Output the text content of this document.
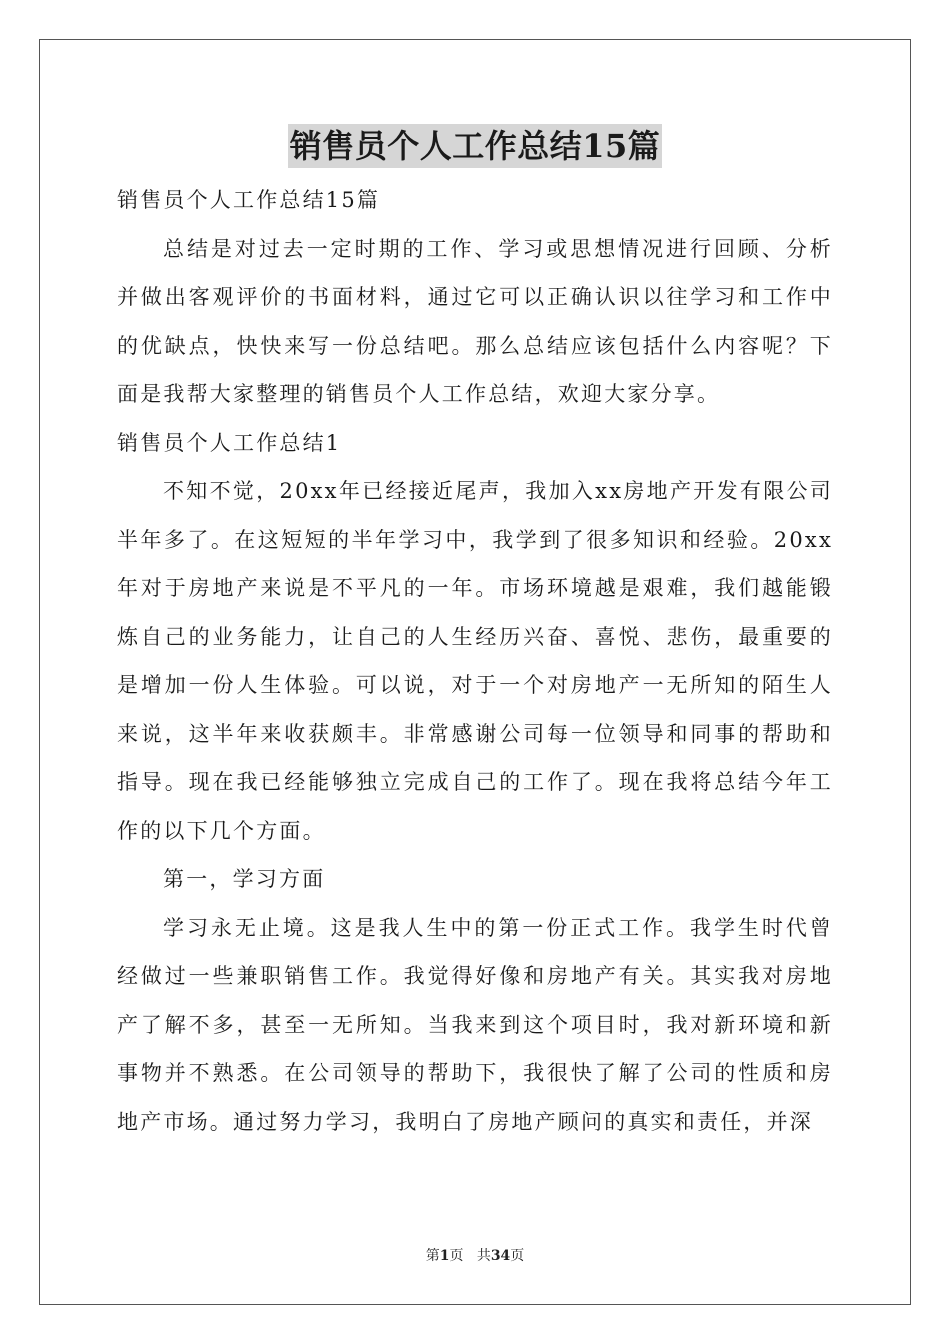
销售员个人工作总结15篇

销售员个人工作总结15篇

总结是对过去一定时期的工作、学习或思想情况进行回顾、分析并做出客观评价的书面材料，通过它可以正确认识以往学习和工作中的优缺点，快快来写一份总结吧。那么总结应该包括什么内容呢？下面是我帮大家整理的销售员个人工作总结，欢迎大家分享。

销售员个人工作总结1

不知不觉，20xx年已经接近尾声，我加入xx房地产开发有限公司半年多了。在这短短的半年学习中，我学到了很多知识和经验。20xx年对于房地产来说是不平凡的一年。市场环境越是艰难，我们越能锻炼自己的业务能力，让自己的人生经历兴奋、喜悦、悲伤，最重要的是增加一份人生体验。可以说，对于一个对房地产一无所知的陌生人来说，这半年来收获颇丰。非常感谢公司每一位领导和同事的帮助和指导。现在我已经能够独立完成自己的工作了。现在我将总结今年工作的以下几个方面。

第一，学习方面

学习永无止境。这是我人生中的第一份正式工作。我学生时代曾经做过一些兼职销售工作。我觉得好像和房地产有关。其实我对房地产了解不多，甚至一无所知。当我来到这个项目时，我对新环境和新事物并不熟悉。在公司领导的帮助下，我很快了解了公司的性质和房地产市场。通过努力学习，我明白了房地产顾问的真实和责任，并深

第1页 共34页
